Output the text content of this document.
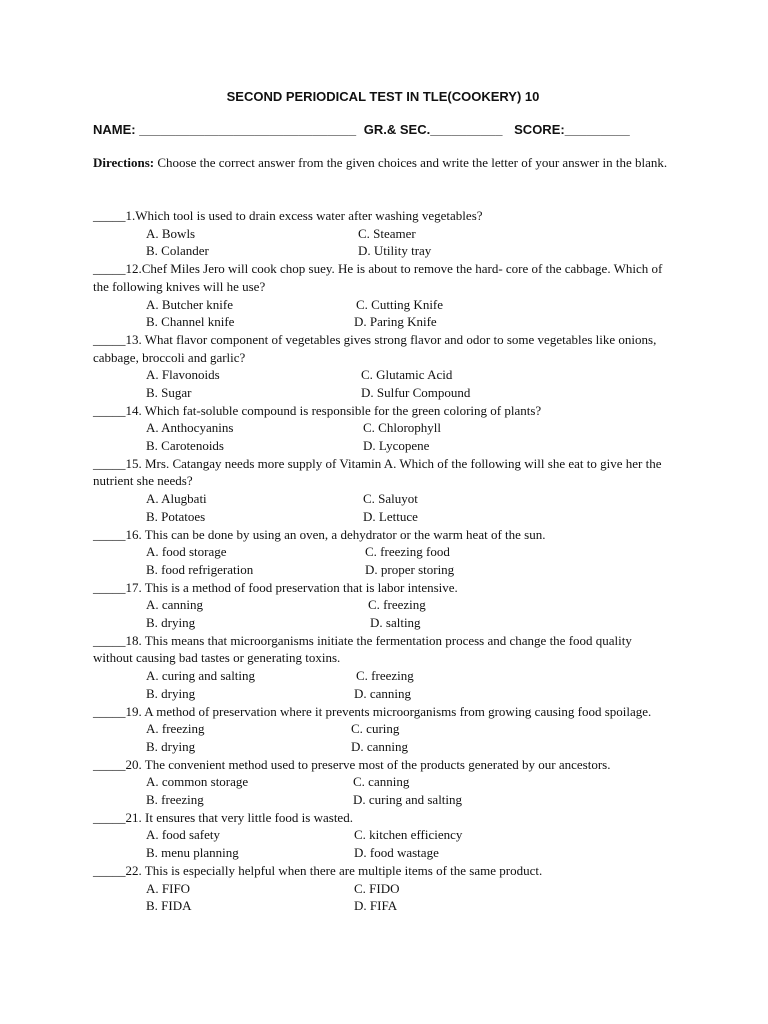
SECOND PERIODICAL TEST IN TLE(COOKERY) 10
NAME: ______________________________ GR.& SEC.__________ SCORE:_________
Directions: Choose the correct answer from the given choices and write the letter of your answer in the blank.
_____1.Which tool is used to drain excess water after washing vegetables?
A. Bowls	C. Steamer
B. Colander	D. Utility tray
_____12.Chef Miles Jero will cook chop suey. He is about to remove the hard- core of the cabbage. Which of the following knives will he use?
A. Butcher knife	C. Cutting Knife
B. Channel knife	D. Paring Knife
_____13. What flavor component of vegetables gives strong flavor and odor to some vegetables like onions, cabbage, broccoli and garlic?
A. Flavonoids	C. Glutamic Acid
B. Sugar	D. Sulfur Compound
_____14. Which fat-soluble compound is responsible for the green coloring of plants?
A. Anthocyanins	C. Chlorophyll
B. Carotenoids	D. Lycopene
_____15. Mrs. Catangay needs more supply of Vitamin A. Which of the following will she eat to give her the nutrient she needs?
A. Alugbati	C. Saluyot
B. Potatoes	D. Lettuce
_____16. This can be done by using an oven, a dehydrator or the warm heat of the sun.
A. food storage	C. freezing food
B. food refrigeration	D. proper storing
_____17. This is a method of food preservation that is labor intensive.
A. canning	C. freezing
B. drying	D. salting
_____18. This means that microorganisms initiate the fermentation process and change the food quality without causing bad tastes or generating toxins.
A. curing and salting	C. freezing
B. drying	D. canning
_____19. A method of preservation where it prevents microorganisms from growing causing food spoilage.
A. freezing	C. curing
B. drying	D. canning
_____20. The convenient method used to preserve most of the products generated by our ancestors.
A. common storage	C. canning
B. freezing	D. curing and salting
_____21. It ensures that very little food is wasted.
A. food safety	C. kitchen efficiency
B. menu planning	D. food wastage
_____22. This is especially helpful when there are multiple items of the same product.
A. FIFO	C. FIDO
B. FIDA	D. FIFA
